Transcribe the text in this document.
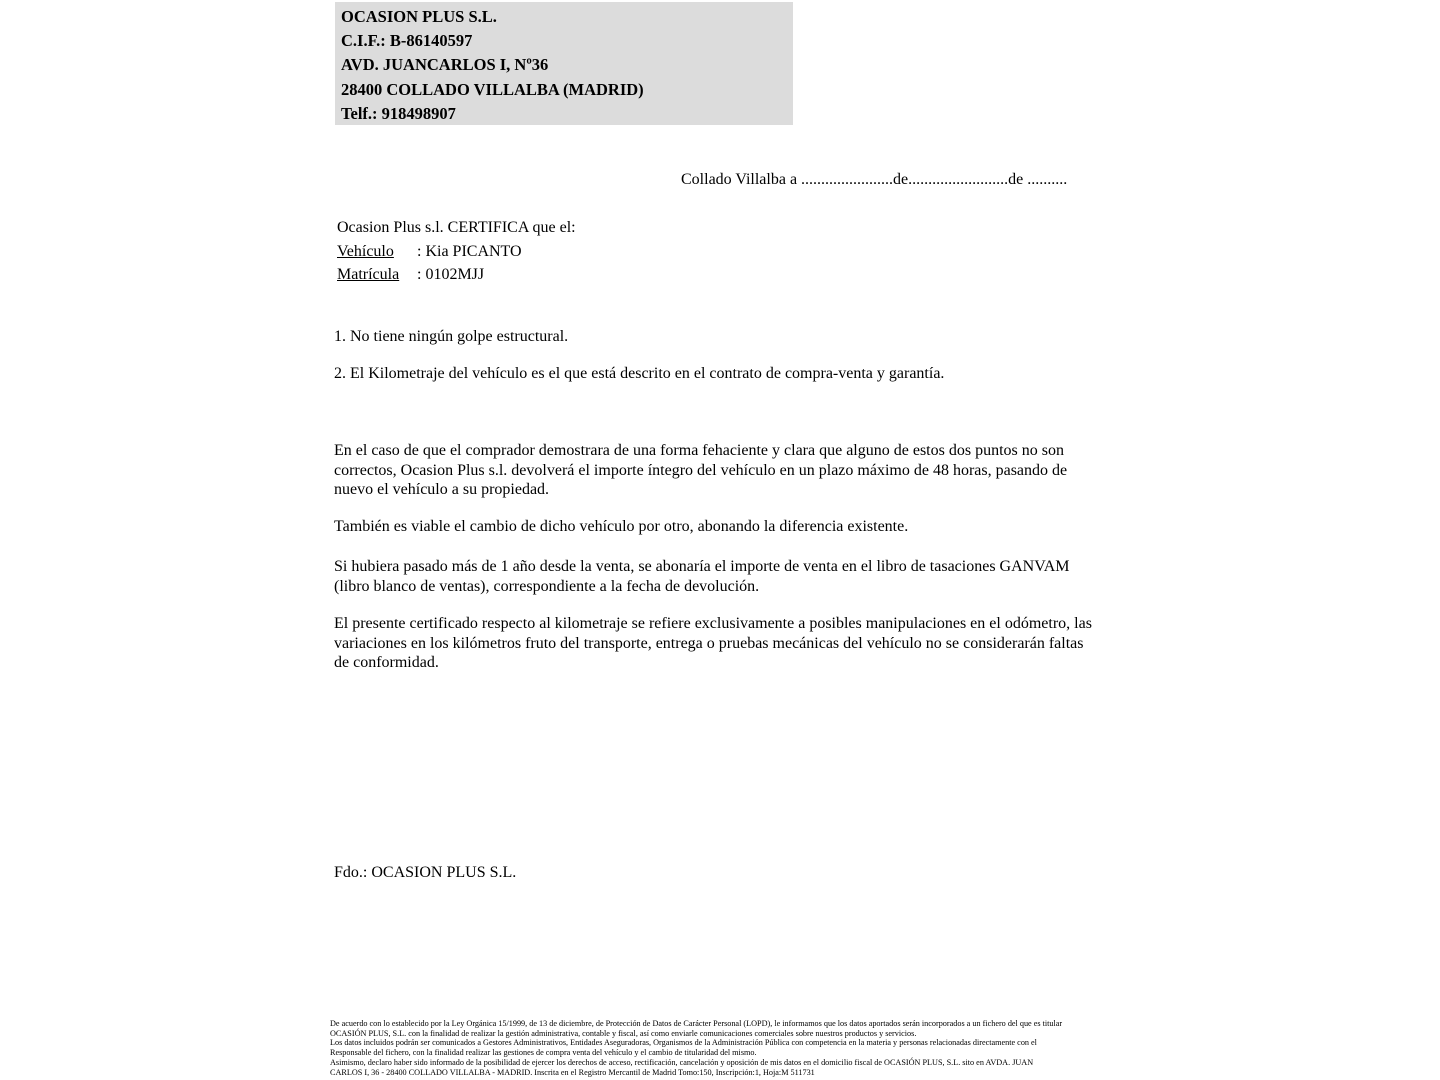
OCASION PLUS S.L.
C.I.F.: B-86140597
AVD. JUANCARLOS I, Nº36
28400 COLLADO VILLALBA (MADRID)
Telf.: 918498907
Collado Villalba a .......................de.........................de ..........
Ocasion Plus s.l. CERTIFICA que el:
Vehículo : Kia PICANTO
Matrícula : 0102MJJ
1. No tiene ningún golpe estructural.
2. El Kilometraje del vehículo es el que está descrito en el contrato de compra-venta y garantía.
En el caso de que el comprador demostrara de una forma fehaciente y clara que alguno de estos dos puntos no son correctos, Ocasion Plus s.l. devolverá el importe íntegro del vehículo en un plazo máximo de 48 horas, pasando de nuevo el vehículo a su propiedad.
También es viable el cambio de dicho vehículo por otro, abonando la diferencia existente.
Si hubiera pasado más de 1 año desde la venta, se abonaría el importe de venta en el libro de tasaciones GANVAM (libro blanco de ventas), correspondiente a la fecha de devolución.
El presente certificado respecto al kilometraje se refiere exclusivamente a posibles manipulaciones en el odómetro, las variaciones en los kilómetros fruto del transporte, entrega o pruebas mecánicas del vehículo no se considerarán faltas de conformidad.
Fdo.: OCASION PLUS S.L.
De acuerdo con lo establecido por la Ley Orgánica 15/1999, de 13 de diciembre, de Protección de Datos de Carácter Personal (LOPD), le informamos que los datos aportados serán incorporados a un fichero del que es titular
OCASIÓN PLUS, S.L. con la finalidad de realizar la gestión administrativa, contable y fiscal, así como enviarle comunicaciones comerciales sobre nuestros productos y servicios.
Los datos incluidos podrán ser comunicados a Gestores Administrativos, Entidades Aseguradoras, Organismos de la Administración Pública con competencia en la materia y personas relacionadas directamente con el
Responsable del fichero, con la finalidad realizar las gestiones de compra venta del vehículo y el cambio de titularidad del mismo.
Asimismo, declaro haber sido informado de la posibilidad de ejercer los derechos de acceso, rectificación, cancelación y oposición de mis datos en el domicilio fiscal de OCASIÓN PLUS, S.L. sito en AVDA. JUAN
CARLOS I, 36 - 28400 COLLADO VILLALBA - MADRID. Inscrita en el Registro Mercantil de Madrid Tomo:150, Inscripción:1, Hoja:M 511731
